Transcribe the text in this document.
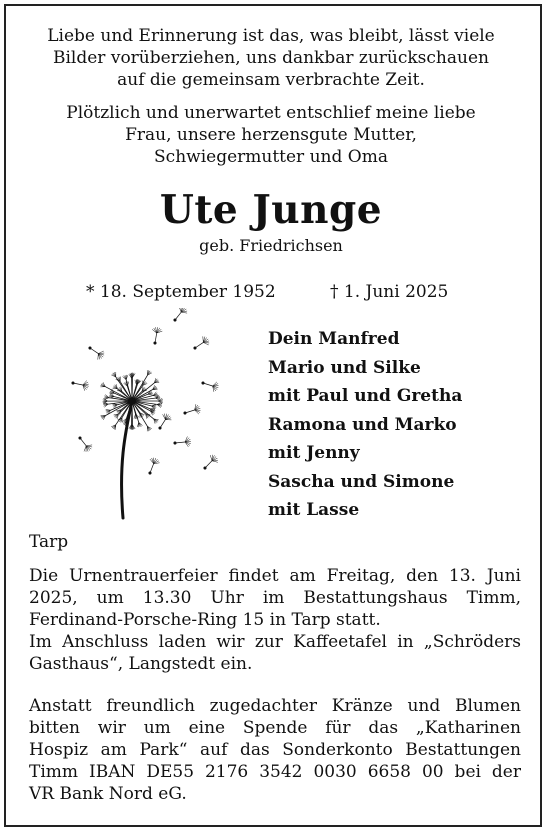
Liebe und Erinnerung ist das, was bleibt, lässt viele
Bilder vorüberziehen, uns dankbar zurückschauen
auf die gemeinsam verbrachte Zeit.

Plötzlich und unerwartet entschlief meine liebe
Frau, unsere herzensgute Mutter,
Schwiegermutter und Oma

Ute Junge
geb. Friedrichsen
* 18. September 1952	† 1. Juni 2025
Dein Manfred
Mario und Silke
mit Paul und Gretha
Ramona und Marko
mit Jenny
Sascha und Simone
mit Lasse
Tarp

Die Urnentrauerfeier findet am Freitag, den 13. Juni
2025, um 13.30 Uhr im Bestattungshaus Timm,
Ferdinand-Porsche-Ring 15 in Tarp statt.

Im Anschluss laden wir zur Kaffeetafel in „Schröders
Gasthaus“, Langstedt ein.

Anstatt freundlich zugedachter Kränze und Blumen
bitten wir um eine Spende für das „Katharinen
Hospiz am Park“ auf das Sonderkonto Bestattungen
Timm IBAN DE55 2176 3542 0030 6658 00 bei der
VR Bank Nord eG.
